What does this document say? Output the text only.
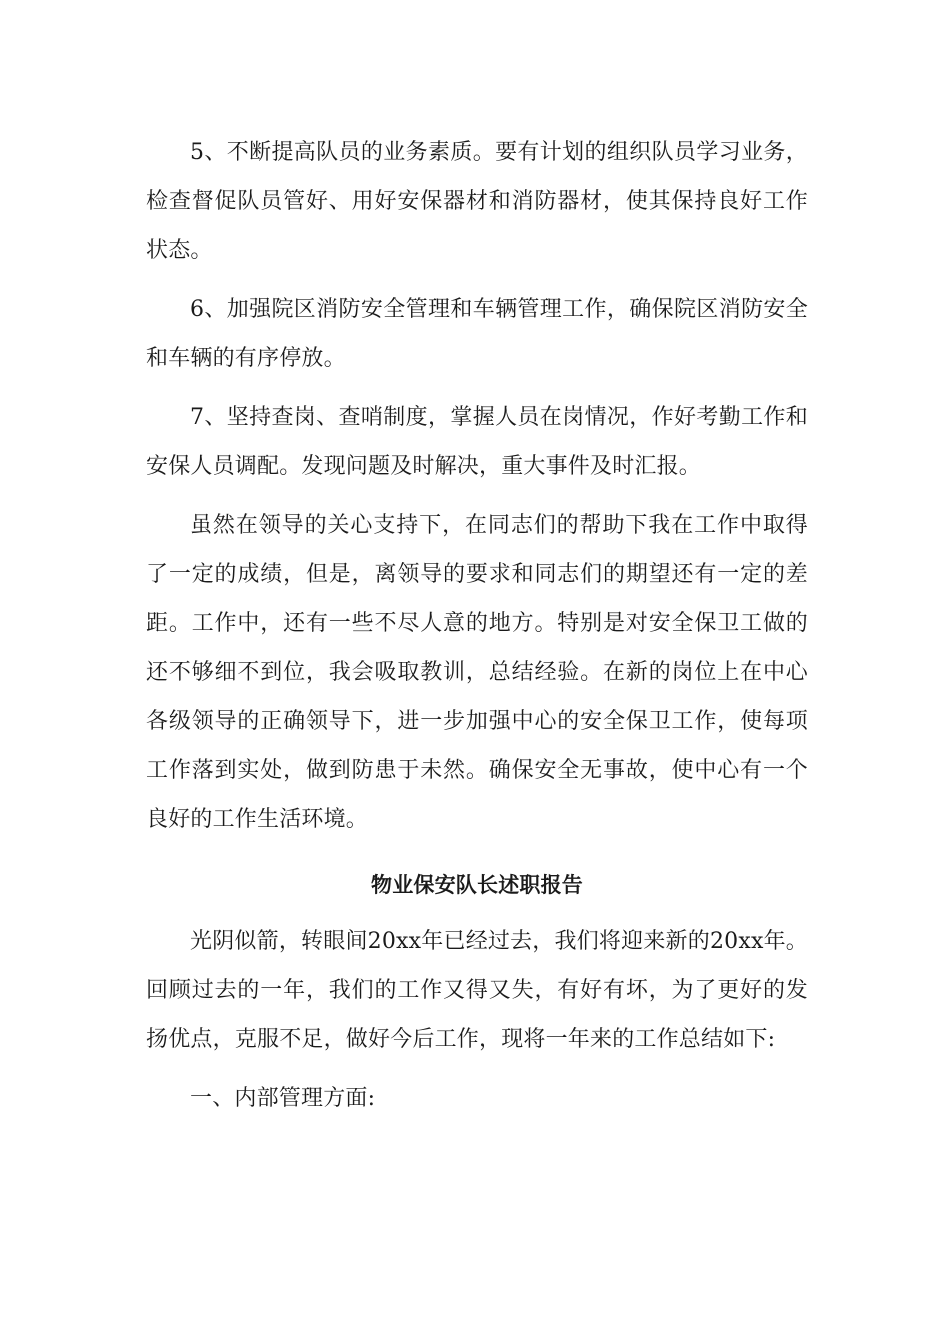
5、不断提高队员的业务素质。要有计划的组织队员学习业务，检查督促队员管好、用好安保器材和消防器材，使其保持良好工作状态。

6、加强院区消防安全管理和车辆管理工作，确保院区消防安全和车辆的有序停放。

7、坚持查岗、查哨制度，掌握人员在岗情况，作好考勤工作和安保人员调配。发现问题及时解决，重大事件及时汇报。

虽然在领导的关心支持下，在同志们的帮助下我在工作中取得了一定的成绩，但是，离领导的要求和同志们的期望还有一定的差距。工作中，还有一些不尽人意的地方。特别是对安全保卫工做的还不够细不到位，我会吸取教训，总结经验。在新的岗位上在中心各级领导的正确领导下，进一步加强中心的安全保卫工作，使每项工作落到实处，做到防患于未然。确保安全无事故，使中心有一个良好的工作生活环境。

物业保安队长述职报告

光阴似箭，转眼间20xx年已经过去，我们将迎来新的20xx年。回顾过去的一年，我们的工作又得又失，有好有坏，为了更好的发扬优点，克服不足，做好今后工作，现将一年来的工作总结如下:

一、内部管理方面:
